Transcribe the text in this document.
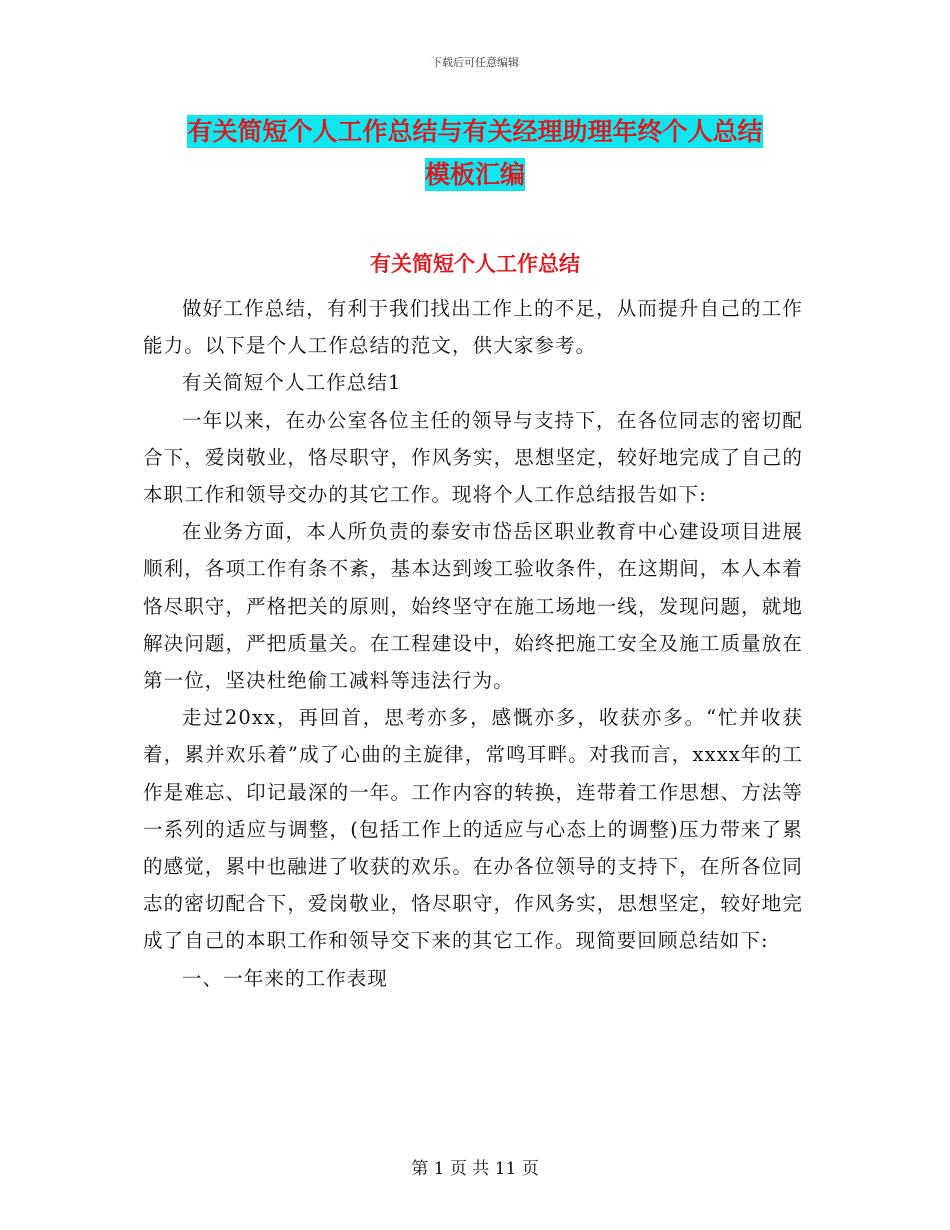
下载后可任意编辑
有关简短个人工作总结与有关经理助理年终个人总结
模板汇编
有关简短个人工作总结

做好工作总结，有利于我们找出工作上的不足，从而提升自己的工作能力。以下是个人工作总结的范文，供大家参考。

有关简短个人工作总结1

一年以来，在办公室各位主任的领导与支持下，在各位同志的密切配合下，爱岗敬业，恪尽职守，作风务实，思想坚定，较好地完成了自己的本职工作和领导交办的其它工作。现将个人工作总结报告如下:

在业务方面，本人所负责的泰安市岱岳区职业教育中心建设项目进展顺利，各项工作有条不紊，基本达到竣工验收条件，在这期间，本人本着恪尽职守，严格把关的原则，始终坚守在施工场地一线，发现问题，就地解决问题，严把质量关。在工程建设中，始终把施工安全及施工质量放在第一位，坚决杜绝偷工减料等违法行为。

走过20xx，再回首，思考亦多，感慨亦多，收获亦多。“忙并收获着，累并欢乐着”成了心曲的主旋律，常鸣耳畔。对我而言，xxxx年的工作是难忘、印记最深的一年。工作内容的转换，连带着工作思想、方法等一系列的适应与调整，(包括工作上的适应与心态上的调整)压力带来了累的感觉，累中也融进了收获的欢乐。在办各位领导的支持下，在所各位同志的密切配合下，爱岗敬业，恪尽职守，作风务实，思想坚定，较好地完成了自己的本职工作和领导交下来的其它工作。现简要回顾总结如下:

一、一年来的工作表现

第 1 页 共 11 页
